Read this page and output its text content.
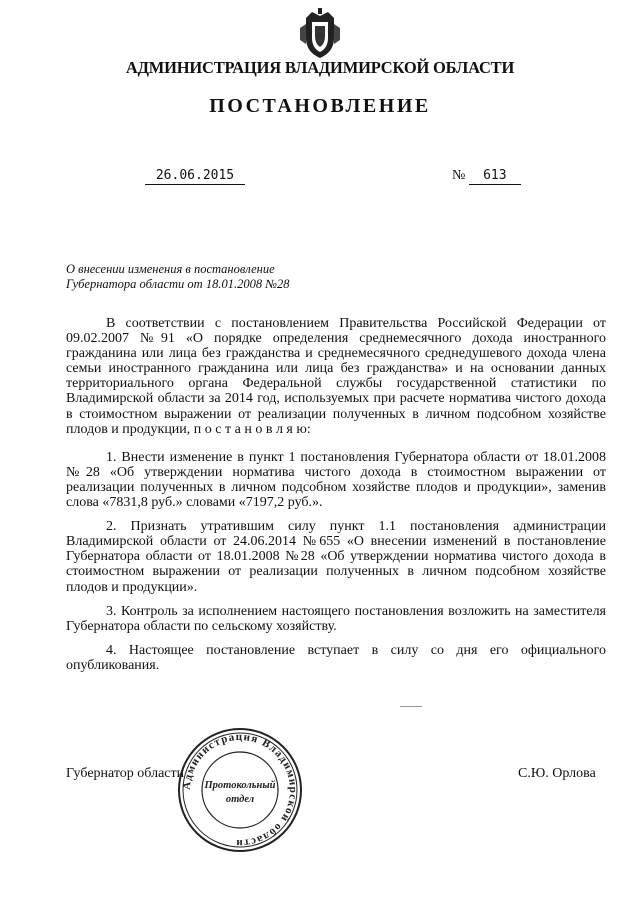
АДМИНИСТРАЦИЯ ВЛАДИМИРСКОЙ ОБЛАСТИ
ПОСТАНОВЛЕНИЕ
26.06.2015	№ 613
О внесении изменения в постановление
Губернатора области от 18.01.2008 №28

В соответствии с постановлением Правительства Российской Федерации от 09.02.2007 №91 «О порядке определения среднемесячного дохода иностранного гражданина или лица без гражданства и среднемесячного среднедушевого дохода члена семьи иностранного гражданина или лица без гражданства» и на основании данных территориального органа Федеральной службы государственной статистики по Владимирской области за 2014 год, используемых при расчете норматива чистого дохода в стоимостном выражении от реализации полученных в личном подсобном хозяйстве плодов и продукции, п о с т а н о в л я ю:

1. Внести изменение в пункт 1 постановления Губернатора области от 18.01.2008 №28 «Об утверждении норматива чистого дохода в стоимостном выражении от реализации полученных в личном подсобном хозяйстве плодов и продукции», заменив слова «7831,8 руб.» словами «7197,2 руб.».

2. Признать утратившим силу пункт 1.1 постановления администрации Владимирской области от 24.06.2014 №655 «О внесении изменений в постановление Губернатора области от 18.01.2008 №28 «Об утверждении норматива чистого дохода в стоимостном выражении от реализации полученных в личном подсобном хозяйстве плодов и продукции».

3. Контроль за исполнением настоящего постановления возложить на заместителя Губернатора области по сельскому хозяйству.

4. Настоящее постановление вступает в силу со дня его официального опубликования.

Губернатор области	С.Ю. Орлова
Администрация Владимирской области
Протокольный
отдел
